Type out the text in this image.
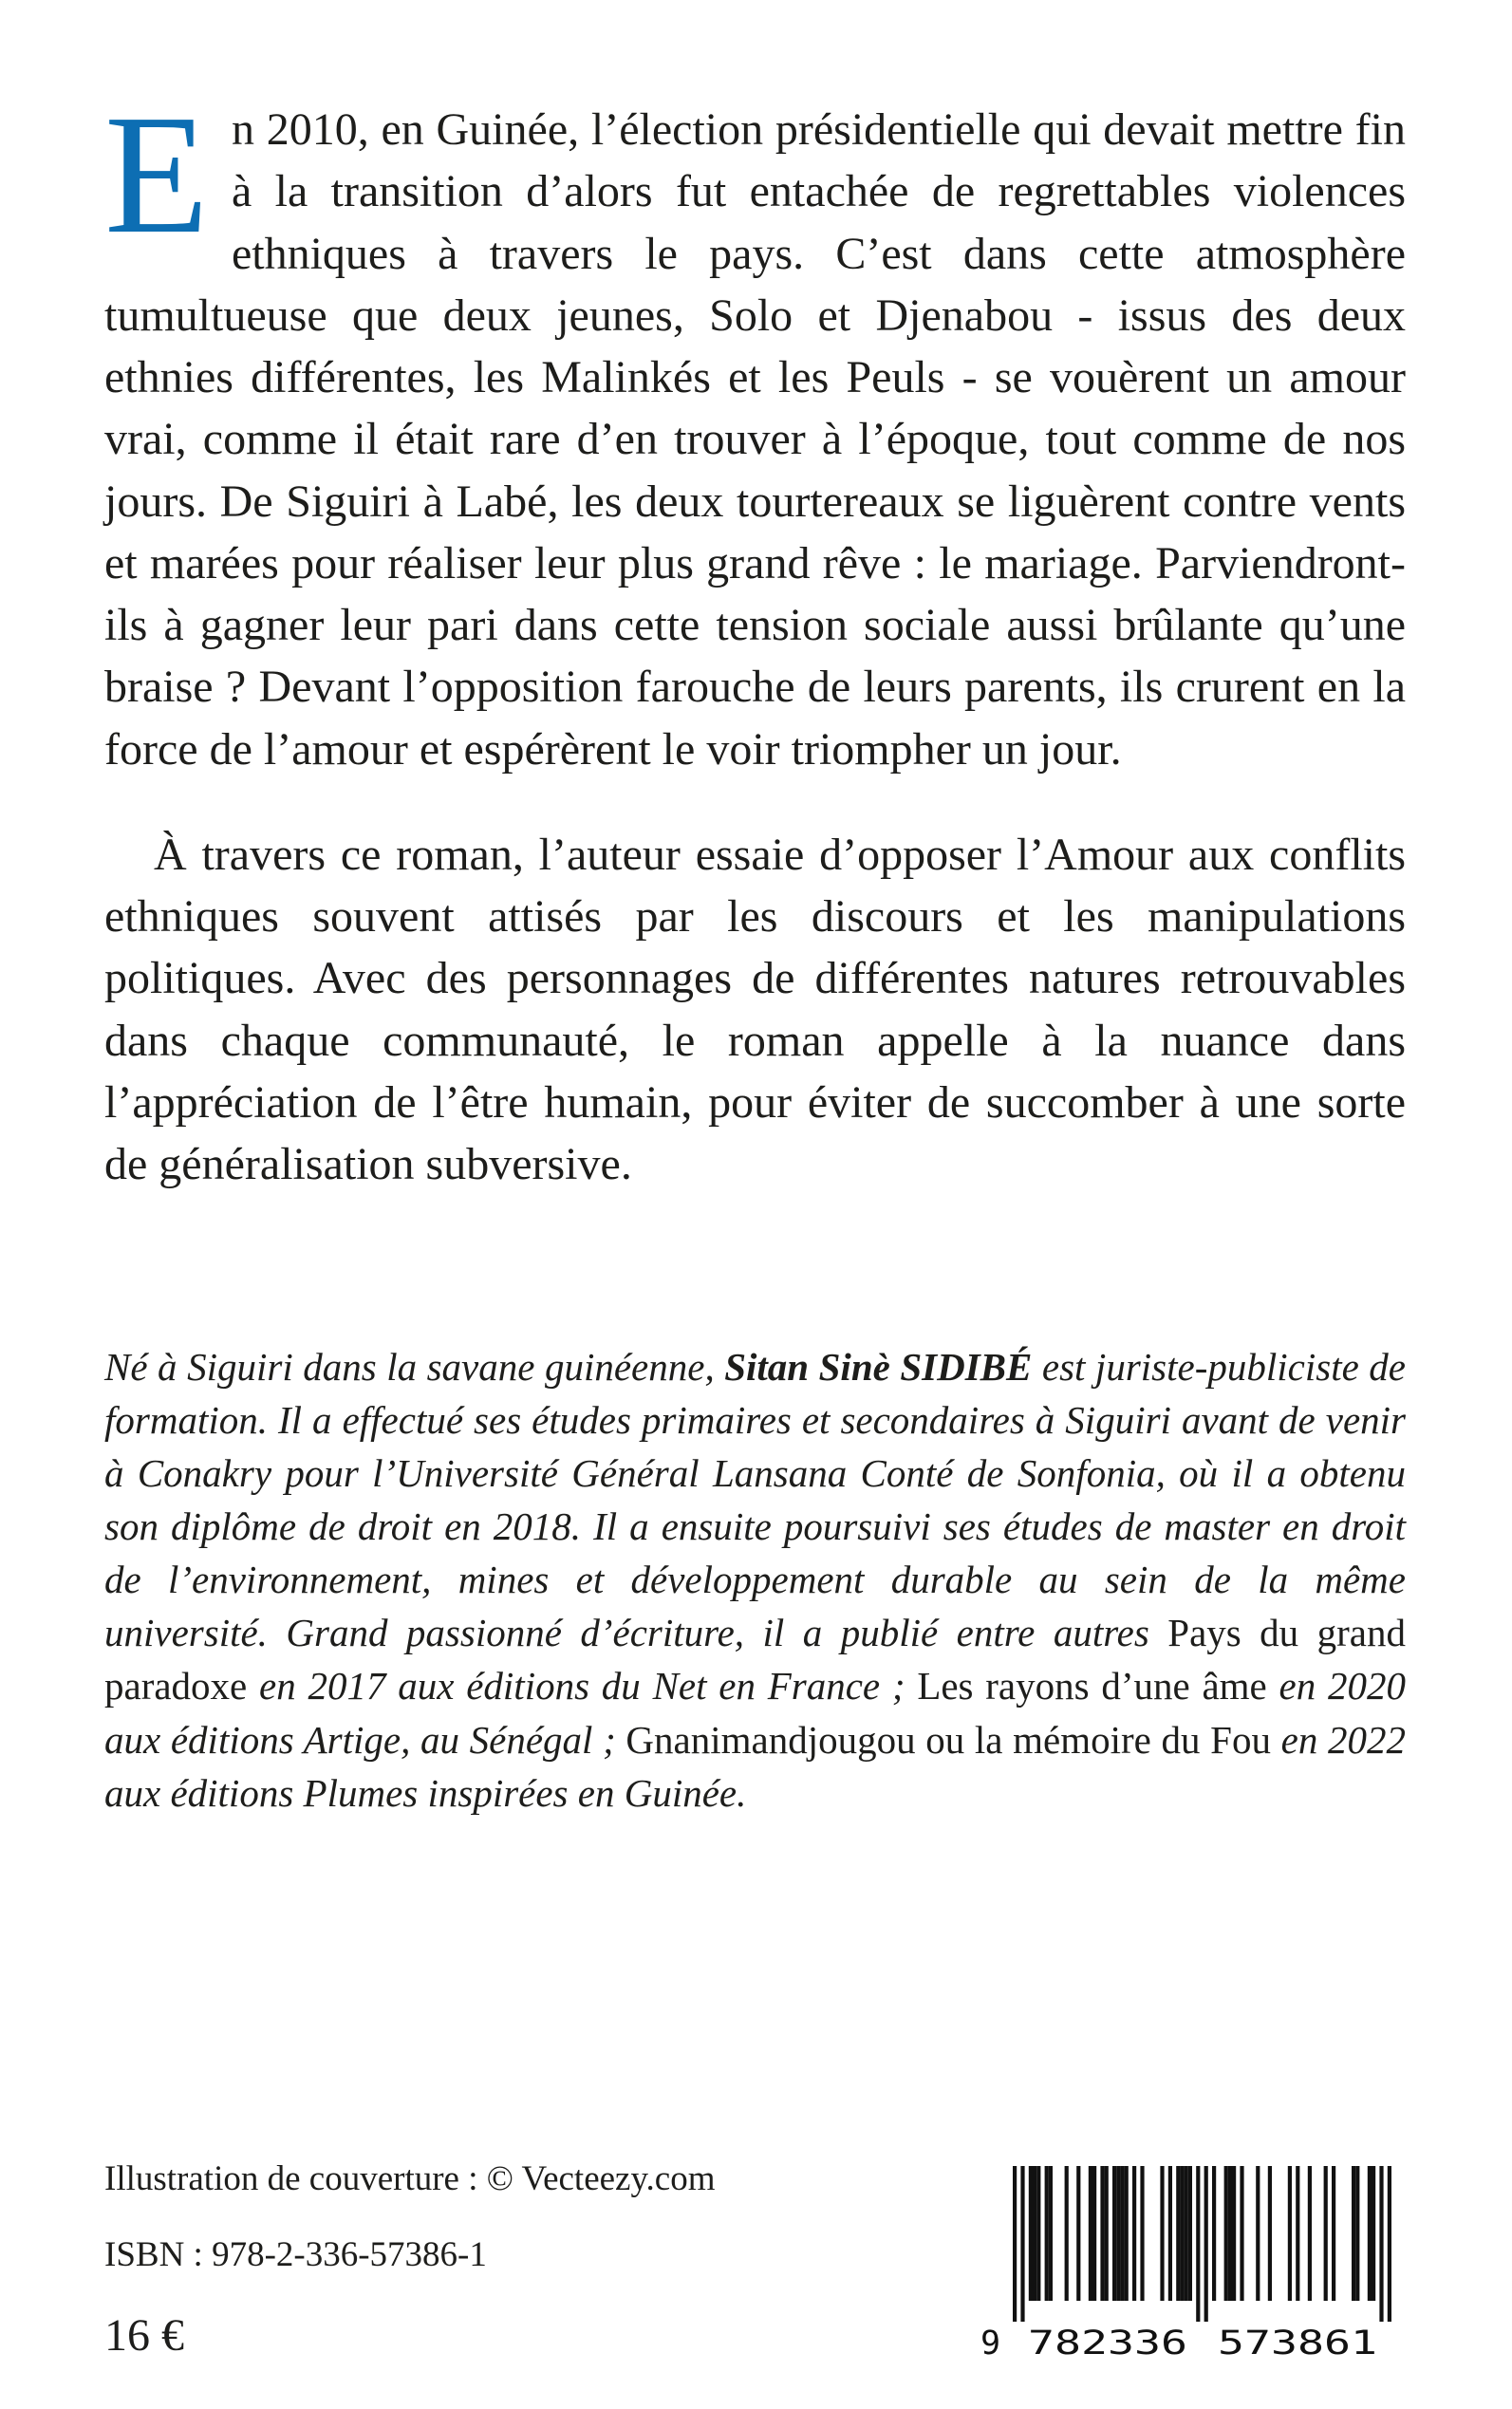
En 2010, en Guinée, l’élection présidentielle qui devait mettre fin à la transition d’alors fut entachée de regrettables violences ethniques à travers le pays. C’est dans cette atmosphère tumultueuse que deux jeunes, Solo et Djenabou - issus des deux ethnies différentes, les Malinkés et les Peuls - se vouèrent un amour vrai, comme il était rare d’en trouver à l’époque, tout comme de nos jours. De Siguiri à Labé, les deux tourtereaux se liguèrent contre vents et marées pour réaliser leur plus grand rêve : le mariage. Parviendront-ils à gagner leur pari dans cette tension sociale aussi brûlante qu’une braise ? Devant l’opposition farouche de leurs parents, ils crurent en la force de l’amour et espérèrent le voir triompher un jour.

À travers ce roman, l’auteur essaie d’opposer l’Amour aux conflits ethniques souvent attisés par les discours et les manipulations politiques. Avec des personnages de différentes natures retrouvables dans chaque communauté, le roman appelle à la nuance dans l’appréciation de l’être humain, pour éviter de succomber à une sorte de généralisation subversive.

Né à Siguiri dans la savane guinéenne, Sitan Sinè SIDIBÉ est juriste-publiciste de formation. Il a effectué ses études primaires et secondaires à Siguiri avant de venir à Conakry pour l’Université Général Lansana Conté de Sonfonia, où il a obtenu son diplôme de droit en 2018. Il a ensuite poursuivi ses études de master en droit de l’environnement, mines et développement durable au sein de la même université. Grand passionné d’écriture, il a publié entre autres Pays du grand paradoxe en 2017 aux éditions du Net en France ; Les rayons d’une âme en 2020 aux éditions Artige, au Sénégal ; Gnanimandjougou ou la mémoire du Fou en 2022 aux éditions Plumes inspirées en Guinée.

Illustration de couverture : © Vecteezy.com
ISBN : 978-2-336-57386-1
16 €	9 782336 573861
